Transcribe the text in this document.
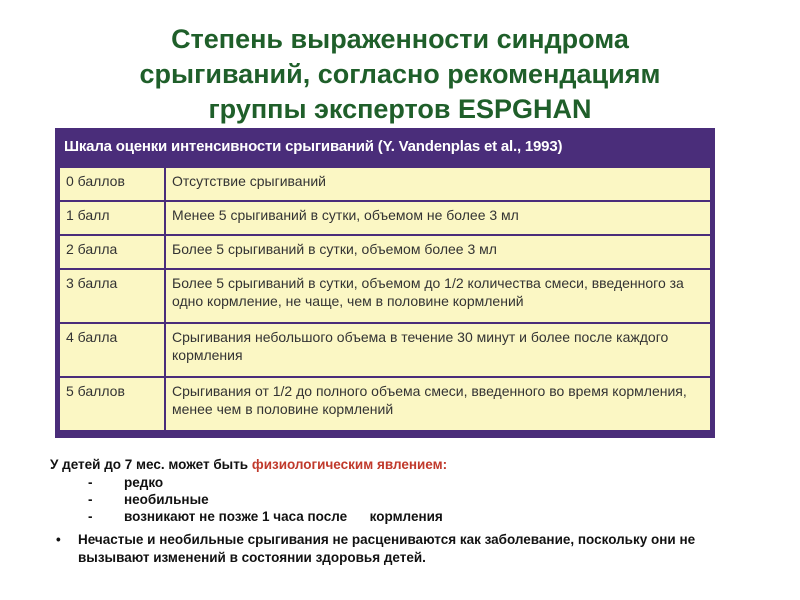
Степень выраженности синдрома
срыгиваний, согласно рекомендациям
группы экспертов ESPGHAN
Шкала оценки интенсивности срыгиваний (Y. Vandenplas et al., 1993)
0 баллов	Отсутствие срыгиваний
1 балл	Менее 5 срыгиваний в сутки, объемом не более 3 мл
2 балла	Более 5 срыгиваний в сутки, объемом более 3 мл
3 балла	Более 5 срыгиваний в сутки, объемом до 1/2 количества смеси, введенного за одно кормление, не чаще, чем в половине кормлений
4 балла	Срыгивания небольшого объема в течение 30 минут и более после каждого кормления
5 баллов	Срыгивания от 1/2 до полного объема смеси, введенного во время кормления, менее чем в половине кормлений
У детей до 7 мес. может быть физиологическим явлением:
- редко
- необильные
- возникают не позже 1 часа после      кормления
• Нечастые и необильные срыгивания не расцениваются как заболевание, поскольку они не вызывают изменений в состоянии здоровья детей.
